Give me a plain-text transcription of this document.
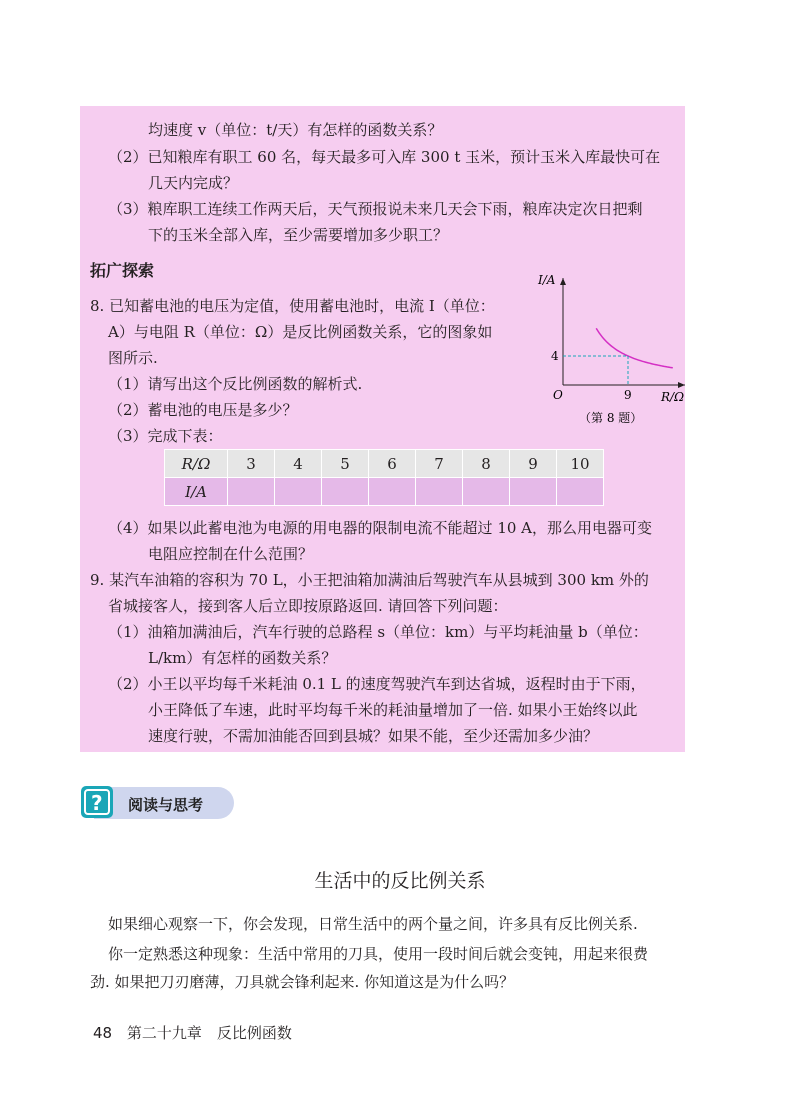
均速度 v（单位：t/天）有怎样的函数关系？
（2）已知粮库有职工 60 名，每天最多可入库 300 t 玉米，预计玉米入库最快可在
几天内完成？
（3）粮库职工连续工作两天后，天气预报说未来几天会下雨，粮库决定次日把剩
下的玉米全部入库，至少需要增加多少职工？
拓广探索
8. 已知蓄电池的电压为定值，使用蓄电池时，电流 I（单位：
A）与电阻 R（单位：Ω）是反比例函数关系，它的图象如
图所示.
（1）请写出这个反比例函数的解析式.
（2）蓄电池的电压是多少？
（3）完成下表：
I/A
R/Ω
O
4
9
（第 8 题）
R/Ω	3	4	5	6	7	8	9	10
I/A								
（4）如果以此蓄电池为电源的用电器的限制电流不能超过 10 A，那么用电器可变
电阻应控制在什么范围？
9. 某汽车油箱的容积为 70 L，小王把油箱加满油后驾驶汽车从县城到 300 km 外的
省城接客人，接到客人后立即按原路返回. 请回答下列问题：
（1）油箱加满油后，汽车行驶的总路程 s（单位：km）与平均耗油量 b（单位：
L/km）有怎样的函数关系？
（2）小王以平均每千米耗油 0.1 L 的速度驾驶汽车到达省城，返程时由于下雨，
小王降低了车速，此时平均每千米的耗油量增加了一倍. 如果小王始终以此
速度行驶，不需加油能否回到县城？如果不能，至少还需加多少油？
? 阅读与思考
生活中的反比例关系
如果细心观察一下，你会发现，日常生活中的两个量之间，许多具有反比例关系.
你一定熟悉这种现象：生活中常用的刀具，使用一段时间后就会变钝，用起来很费
劲. 如果把刀刃磨薄，刀具就会锋利起来. 你知道这是为什么吗？
48 第二十九章　反比例函数
